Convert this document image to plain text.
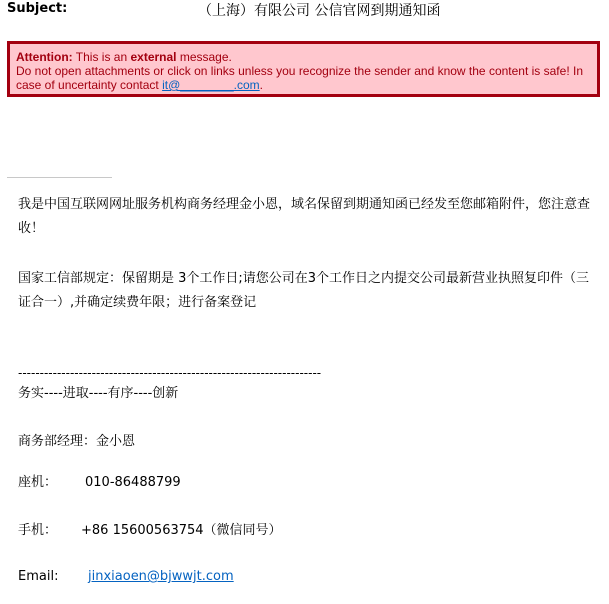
Subject:	（上海）有限公司 公信官网到期通知函
Attention: This is an external message.
Do not open attachments or click on links unless you recognize the sender and know the content is safe! In case of uncertainty contact it@________.com.
我是中国互联网网址服务机构商务经理金小恩，域名保留到期通知函已经发至您邮箱附件，您注意查收！
国家工信部规定：保留期是 3个工作日;请您公司在3个工作日之内提交公司最新营业执照复印件（三证合一）,并确定续费年限；进行备案登记
----------------------------------------------------------------------
务实----进取----有序----创新
商务部经理：金小恩
座机： 010-86488799
手机： +86 15600563754（微信同号）
Email: jinxiaoen@bjwwjt.com
